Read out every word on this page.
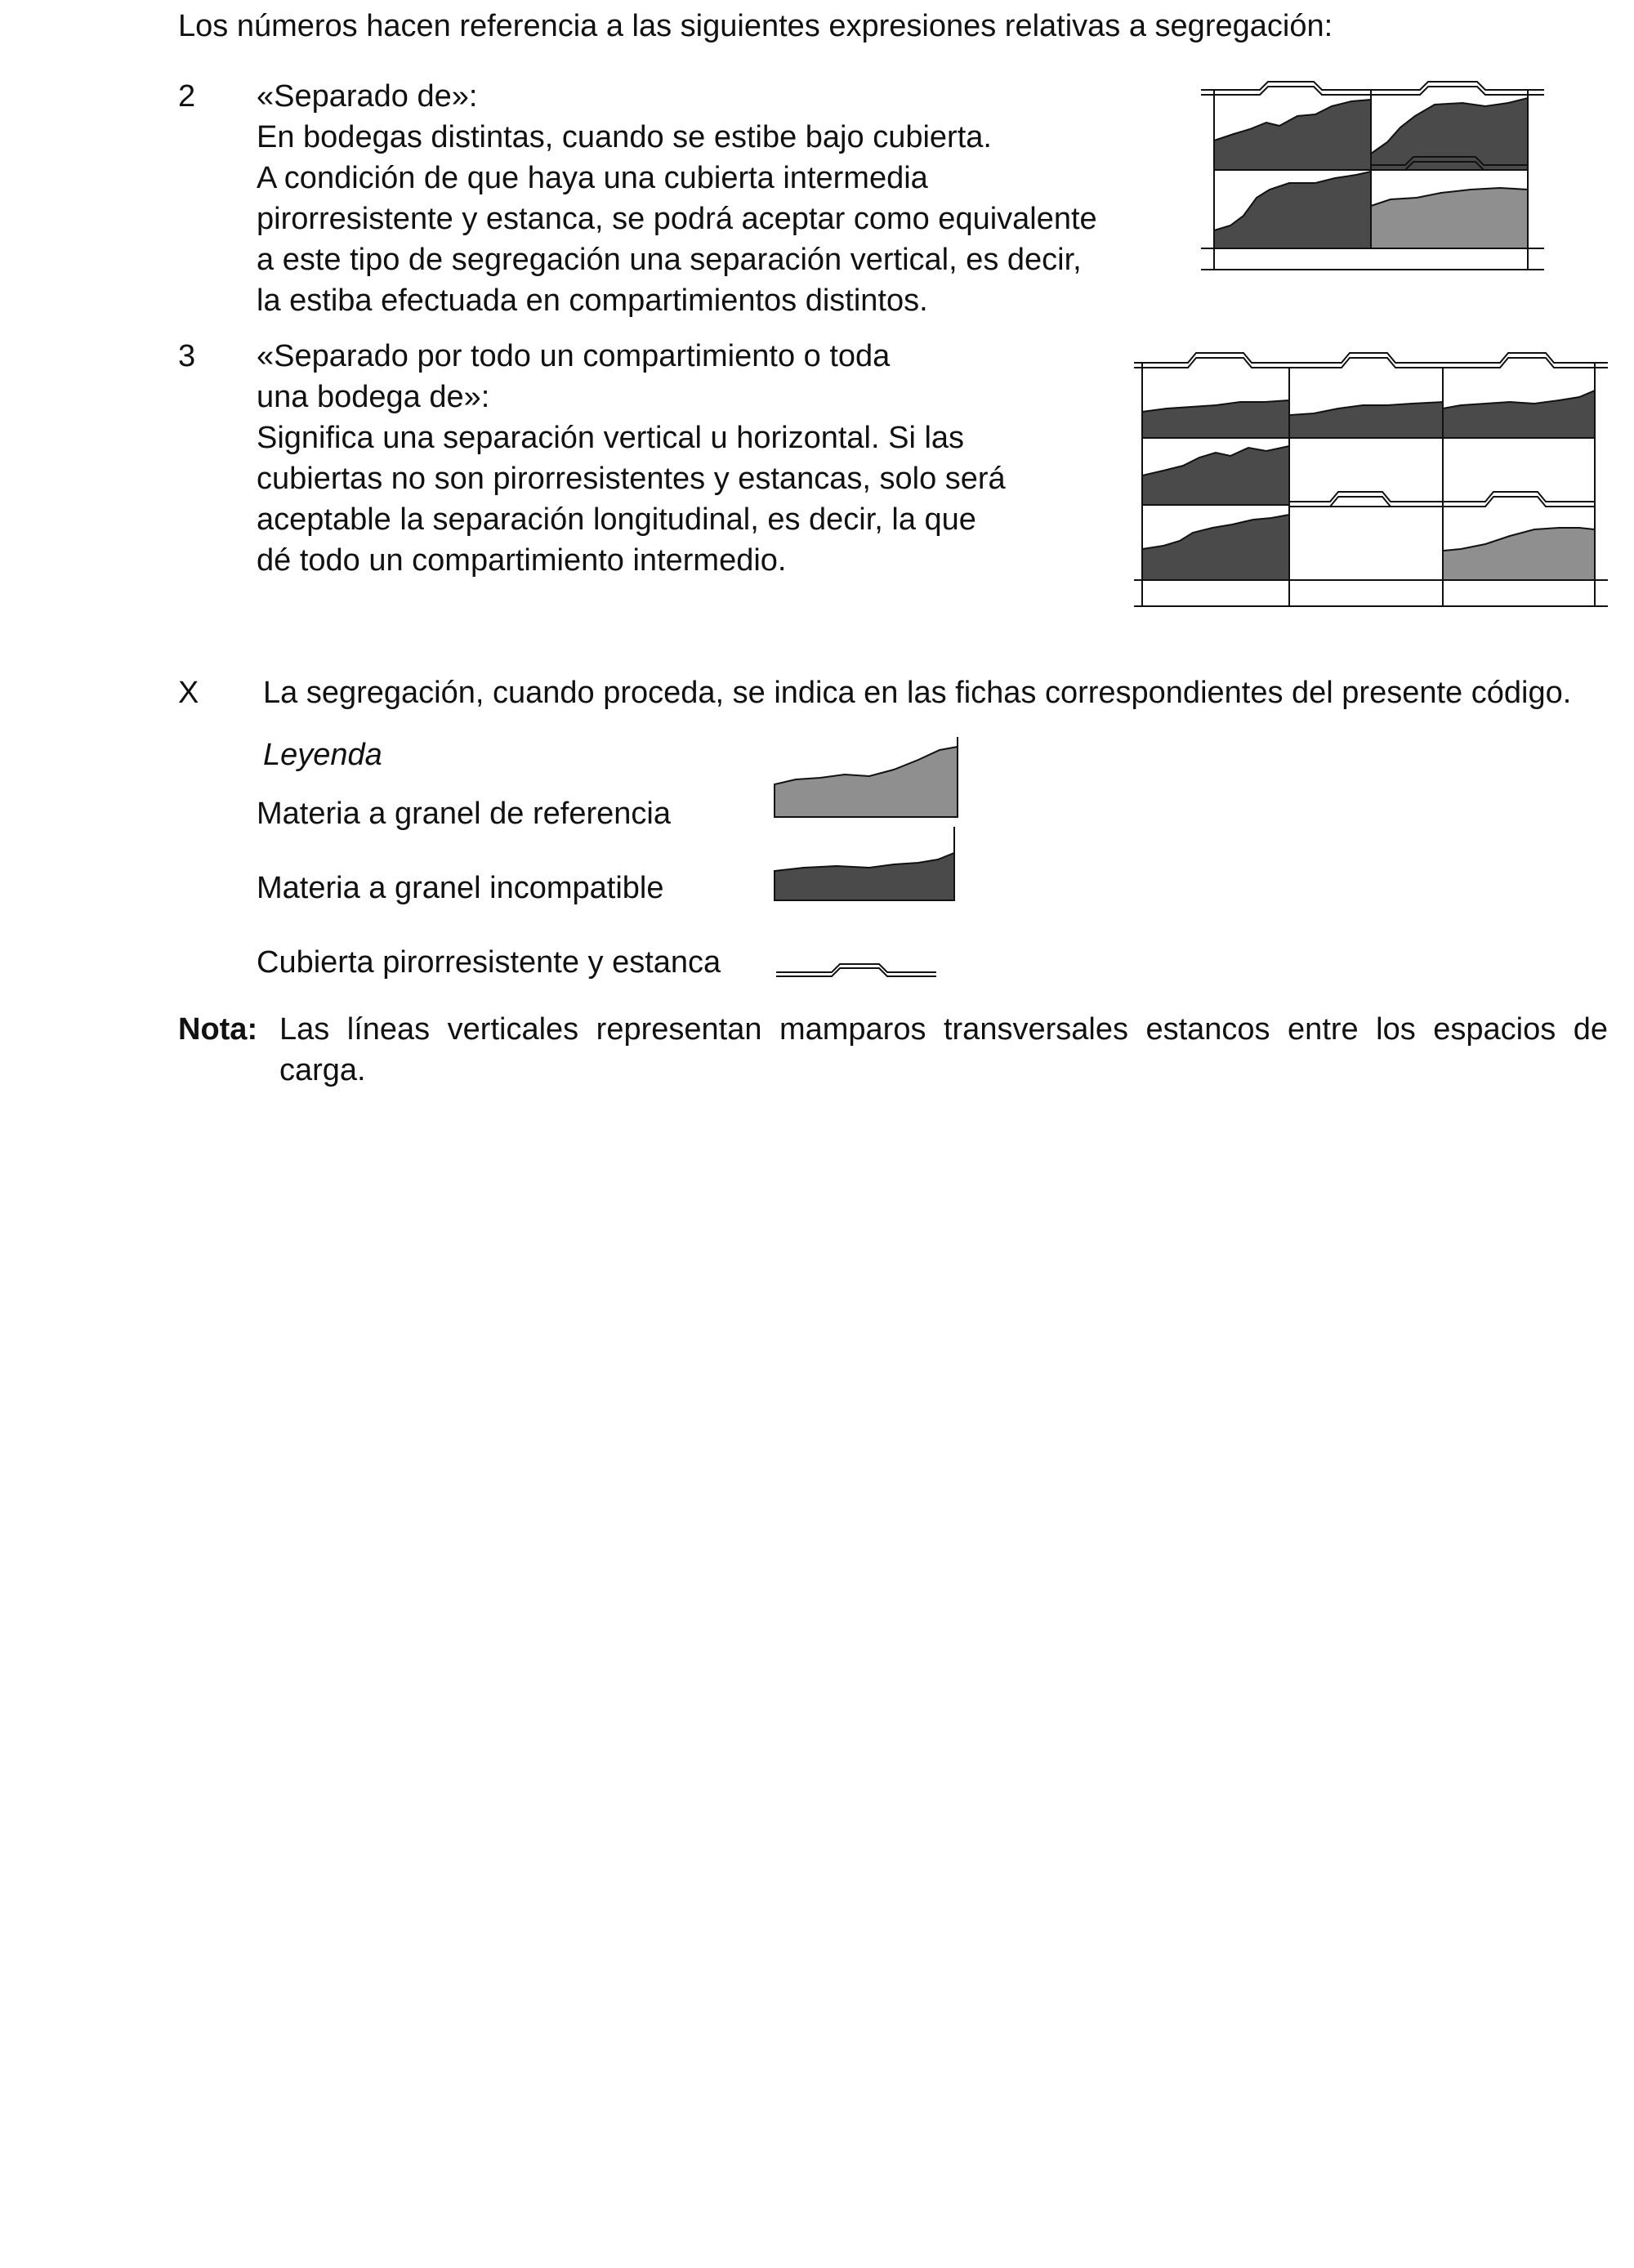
Los números hacen referencia a las siguientes expresiones relativas a segregación:
2 «Separado de»:
En bodegas distintas, cuando se estibe bajo cubierta.
A condición de que haya una cubierta intermedia
pirorresistente y estanca, se podrá aceptar como equivalente
a este tipo de segregación una separación vertical, es decir,
la estiba efectuada en compartimientos distintos.
3 «Separado por todo un compartimiento o toda
una bodega de»:
Significa una separación vertical u horizontal. Si las
cubiertas no son pirorresistentes y estancas, solo será
aceptable la separación longitudinal, es decir, la que
dé todo un compartimiento intermedio.
X La segregación, cuando proceda, se indica en las fichas correspondientes del presente código.
Leyenda
Materia a granel de referencia
Materia a granel incompatible
Cubierta pirorresistente y estanca
Nota: Las líneas verticales representan mamparos transversales estancos entre los espacios de
carga.
